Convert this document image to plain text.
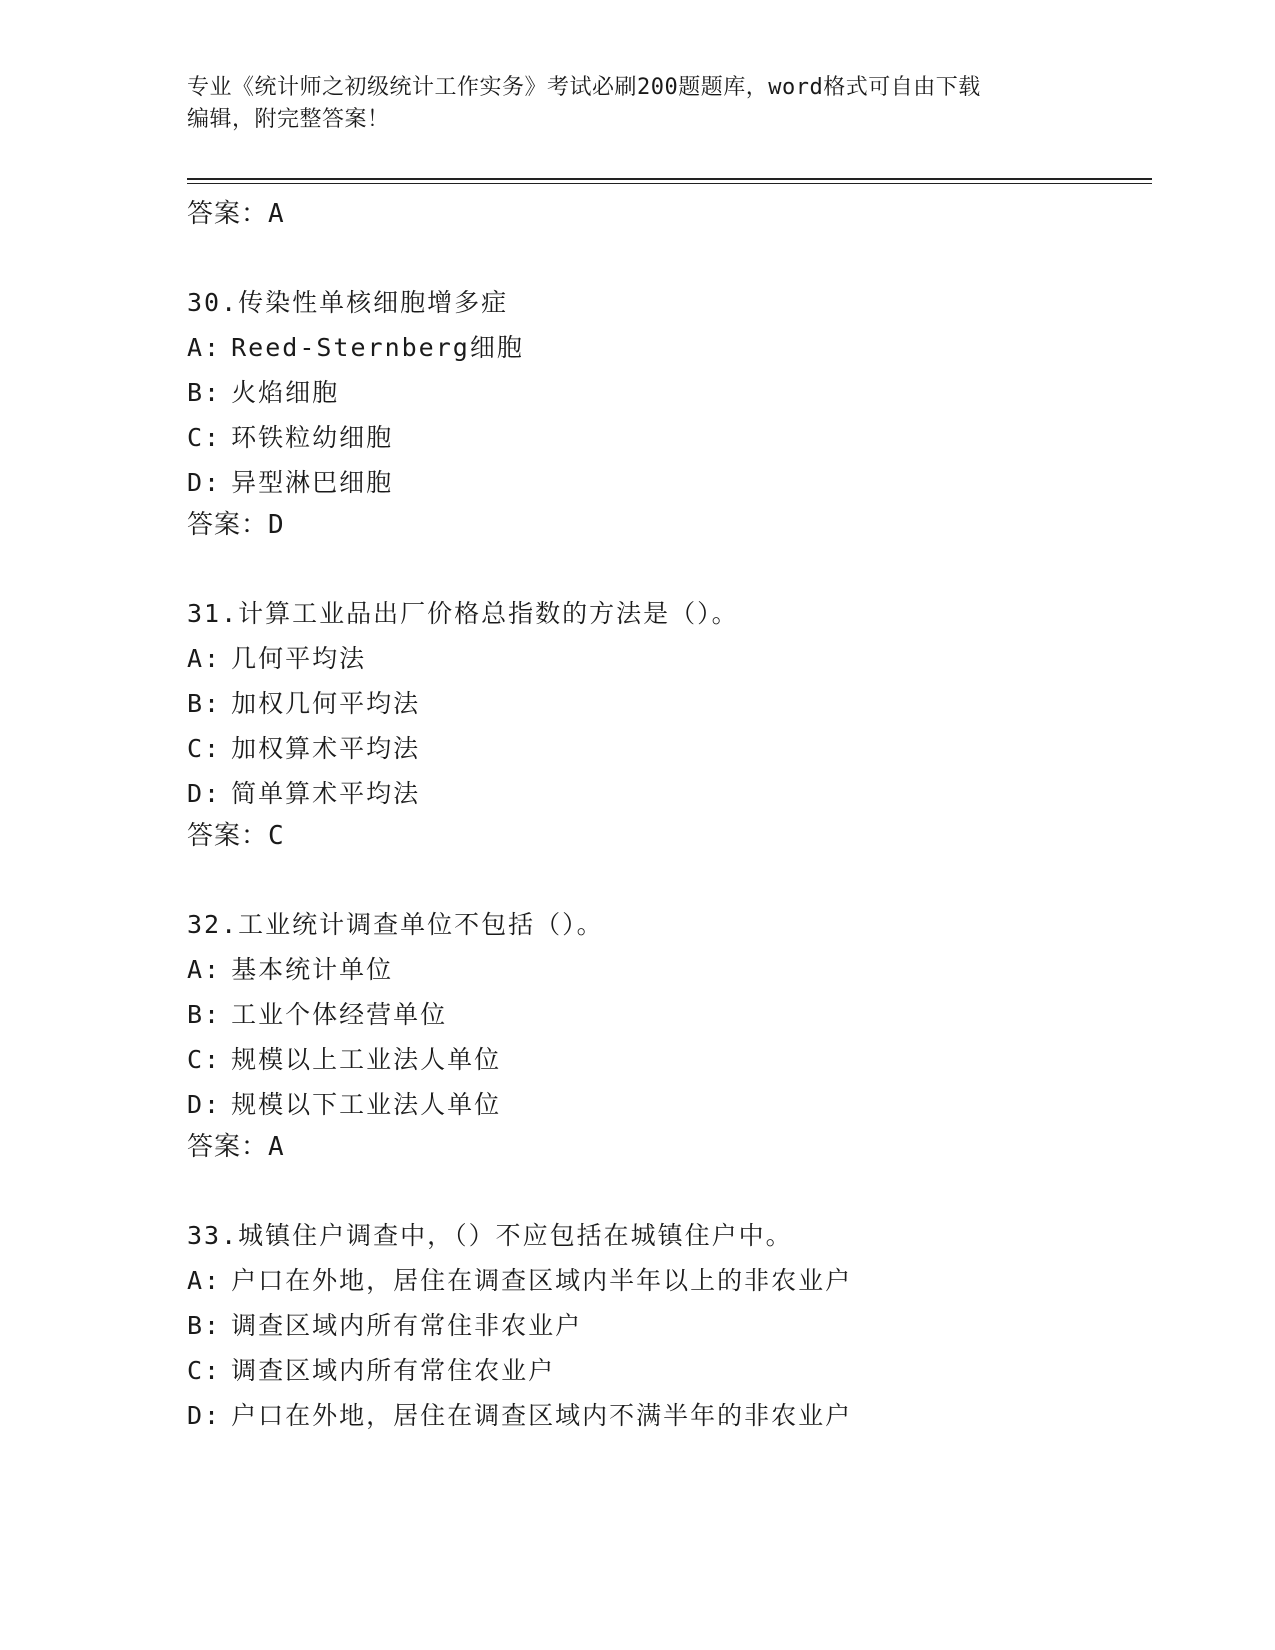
专业《统计师之初级统计工作实务》考试必刷200题题库，word格式可自由下载
编辑，附完整答案！
答案：A
30.传染性单核细胞增多症
A: Reed-Sternberg细胞
B: 火焰细胞
C: 环铁粒幼细胞
D: 异型淋巴细胞
答案：D
31.计算工业品出厂价格总指数的方法是（）。
A: 几何平均法
B: 加权几何平均法
C: 加权算术平均法
D: 简单算术平均法
答案：C
32.工业统计调查单位不包括（）。
A: 基本统计单位
B: 工业个体经营单位
C: 规模以上工业法人单位
D: 规模以下工业法人单位
答案：A
33.城镇住户调查中，（）不应包括在城镇住户中。
A: 户口在外地，居住在调查区域内半年以上的非农业户
B: 调查区域内所有常住非农业户
C: 调查区域内所有常住农业户
D: 户口在外地，居住在调查区域内不满半年的非农业户
